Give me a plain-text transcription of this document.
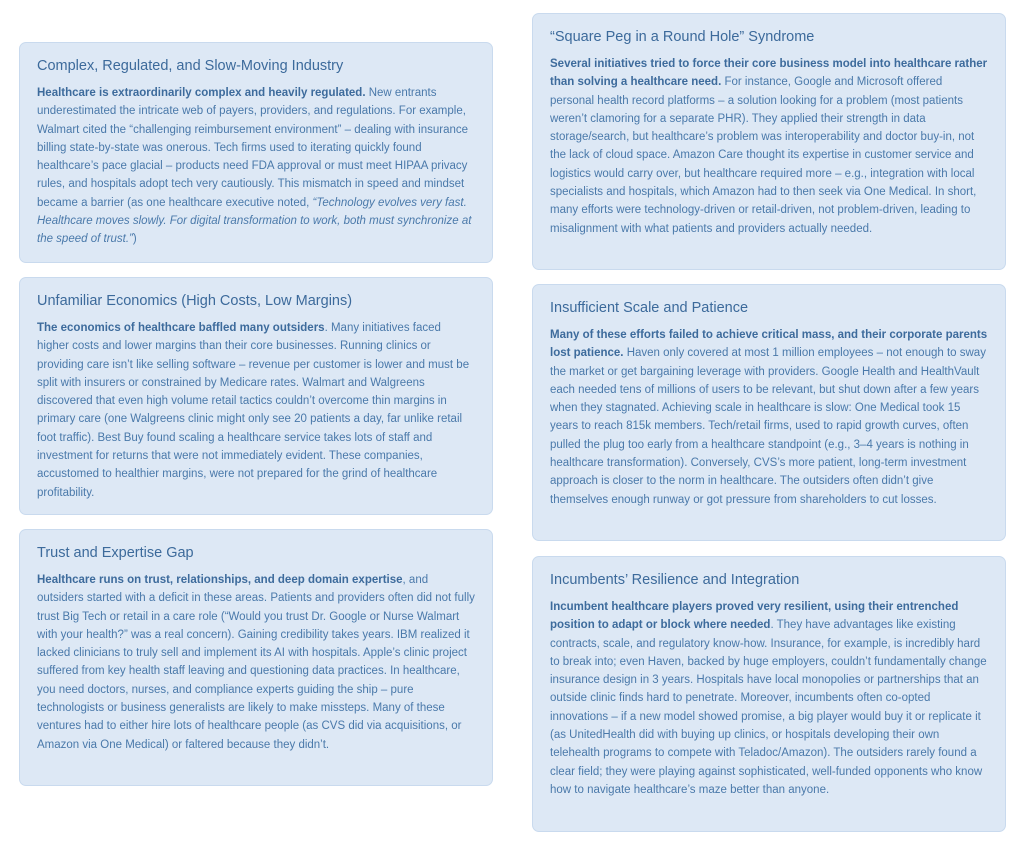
Complex, Regulated, and Slow-Moving Industry

Healthcare is extraordinarily complex and heavily regulated. New entrants underestimated the intricate web of payers, providers, and regulations. For example, Walmart cited the “challenging reimbursement environment” – dealing with insurance billing state-by-state was onerous. Tech firms used to iterating quickly found healthcare’s pace glacial – products need FDA approval or must meet HIPAA privacy rules, and hospitals adopt tech very cautiously. This mismatch in speed and mindset became a barrier (as one healthcare executive noted, “Technology evolves very fast. Healthcare moves slowly. For digital transformation to work, both must synchronize at the speed of trust.”)

Unfamiliar Economics (High Costs, Low Margins)

The economics of healthcare baffled many outsiders. Many initiatives faced higher costs and lower margins than their core businesses. Running clinics or providing care isn’t like selling software – revenue per customer is lower and must be split with insurers or constrained by Medicare rates. Walmart and Walgreens discovered that even high volume retail tactics couldn’t overcome thin margins in primary care (one Walgreens clinic might only see 20 patients a day, far unlike retail foot traffic). Best Buy found scaling a healthcare service takes lots of staff and investment for returns that were not immediately evident. These companies, accustomed to healthier margins, were not prepared for the grind of healthcare profitability.

Trust and Expertise Gap

Healthcare runs on trust, relationships, and deep domain expertise, and outsiders started with a deficit in these areas. Patients and providers often did not fully trust Big Tech or retail in a care role (“Would you trust Dr. Google or Nurse Walmart with your health?” was a real concern). Gaining credibility takes years. IBM realized it lacked clinicians to truly sell and implement its AI with hospitals. Apple’s clinic project suffered from key health staff leaving and questioning data practices. In healthcare, you need doctors, nurses, and compliance experts guiding the ship – pure technologists or business generalists are likely to make missteps. Many of these ventures had to either hire lots of healthcare people (as CVS did via acquisitions, or Amazon via One Medical) or faltered because they didn’t.

“Square Peg in a Round Hole” Syndrome

Several initiatives tried to force their core business model into healthcare rather than solving a healthcare need. For instance, Google and Microsoft offered personal health record platforms – a solution looking for a problem (most patients weren’t clamoring for a separate PHR). They applied their strength in data storage/search, but healthcare’s problem was interoperability and doctor buy-in, not the lack of cloud space. Amazon Care thought its expertise in customer service and logistics would carry over, but healthcare required more – e.g., integration with local specialists and hospitals, which Amazon had to then seek via One Medical. In short, many efforts were technology-driven or retail-driven, not problem-driven, leading to misalignment with what patients and providers actually needed.

Insufficient Scale and Patience

Many of these efforts failed to achieve critical mass, and their corporate parents lost patience. Haven only covered at most 1 million employees – not enough to sway the market or get bargaining leverage with providers. Google Health and HealthVault each needed tens of millions of users to be relevant, but shut down after a few years when they stagnated. Achieving scale in healthcare is slow: One Medical took 15 years to reach 815k members. Tech/retail firms, used to rapid growth curves, often pulled the plug too early from a healthcare standpoint (e.g., 3–4 years is nothing in healthcare transformation). Conversely, CVS’s more patient, long-term investment approach is closer to the norm in healthcare. The outsiders often didn’t give themselves enough runway or got pressure from shareholders to cut losses.

Incumbents’ Resilience and Integration

Incumbent healthcare players proved very resilient, using their entrenched position to adapt or block where needed. They have advantages like existing contracts, scale, and regulatory know-how. Insurance, for example, is incredibly hard to break into; even Haven, backed by huge employers, couldn’t fundamentally change insurance design in 3 years. Hospitals have local monopolies or partnerships that an outside clinic finds hard to penetrate. Moreover, incumbents often co-opted innovations – if a new model showed promise, a big player would buy it or replicate it (as UnitedHealth did with buying up clinics, or hospitals developing their own telehealth programs to compete with Teladoc/Amazon). The outsiders rarely found a clear field; they were playing against sophisticated, well-funded opponents who know how to navigate healthcare’s maze better than anyone.
